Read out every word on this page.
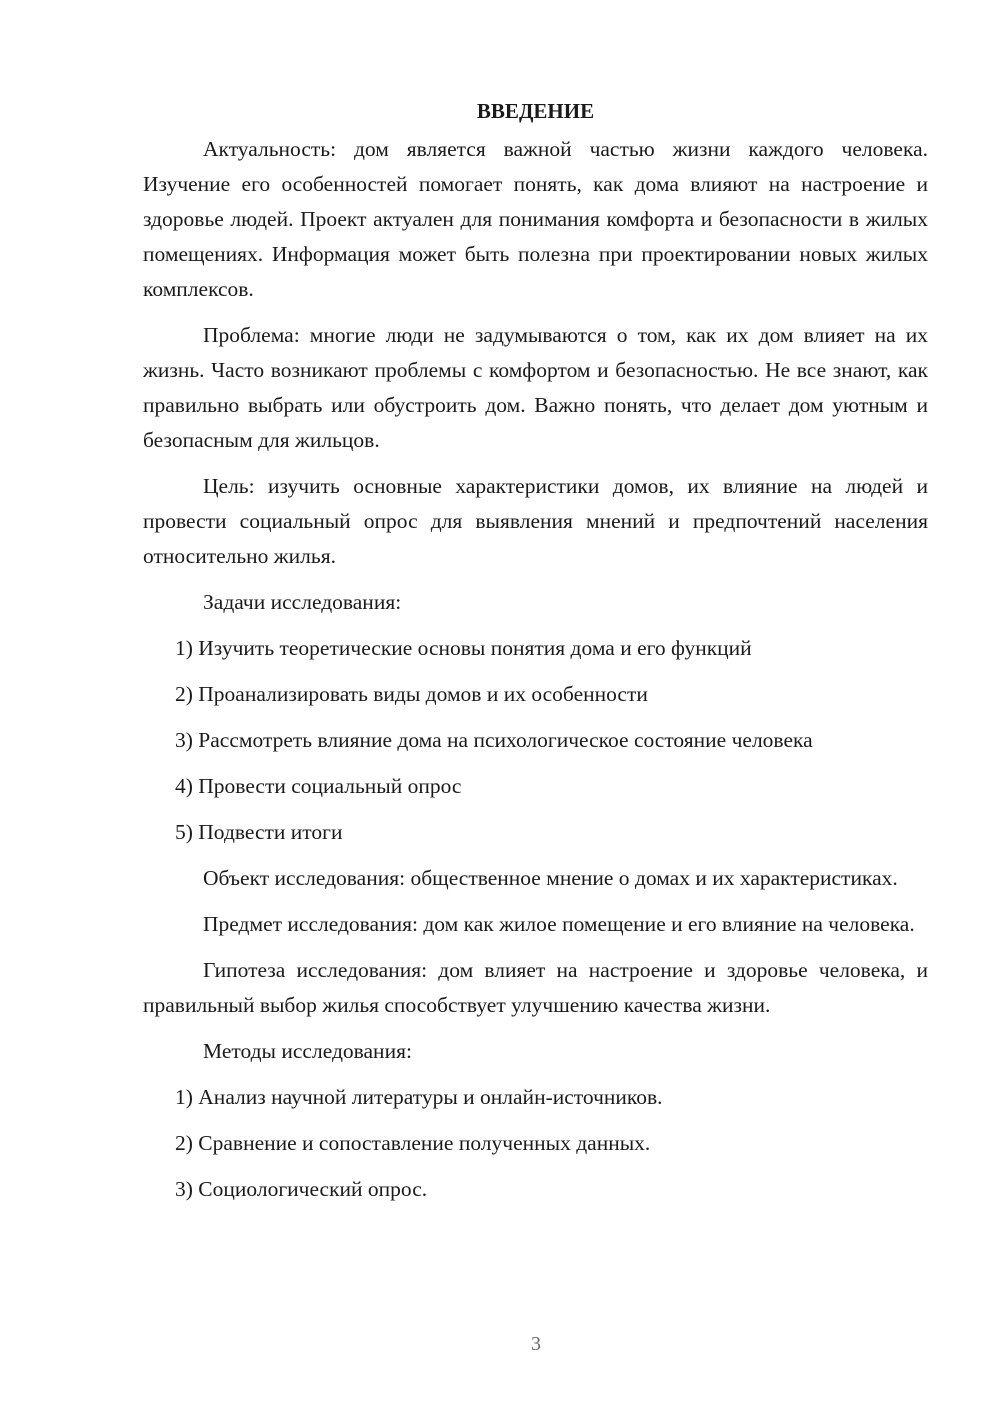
ВВЕДЕНИЕ

Актуальность: дом является важной частью жизни каждого человека. Изучение его особенностей помогает понять, как дома влияют на настроение и здоровье людей. Проект актуален для понимания комфорта и безопасности в жилых помещениях. Информация может быть полезна при проектировании новых жилых комплексов.

Проблема: многие люди не задумываются о том, как их дом влияет на их жизнь. Часто возникают проблемы с комфортом и безопасностью. Не все знают, как правильно выбрать или обустроить дом. Важно понять, что делает дом уютным и безопасным для жильцов.

Цель: изучить основные характеристики домов, их влияние на людей и провести социальный опрос для выявления мнений и предпочтений населения относительно жилья.

Задачи исследования:

1) Изучить теоретические основы понятия дома и его функций

2) Проанализировать виды домов и их особенности

3) Рассмотреть влияние дома на психологическое состояние человека

4) Провести социальный опрос

5) Подвести итоги

Объект исследования: общественное мнение о домах и их характеристиках.

Предмет исследования: дом как жилое помещение и его влияние на человека.

Гипотеза исследования: дом влияет на настроение и здоровье человека, и правильный выбор жилья способствует улучшению качества жизни.

Методы исследования:

1) Анализ научной литературы и онлайн-источников.

2) Сравнение и сопоставление полученных данных.

3) Социологический опрос.

3
